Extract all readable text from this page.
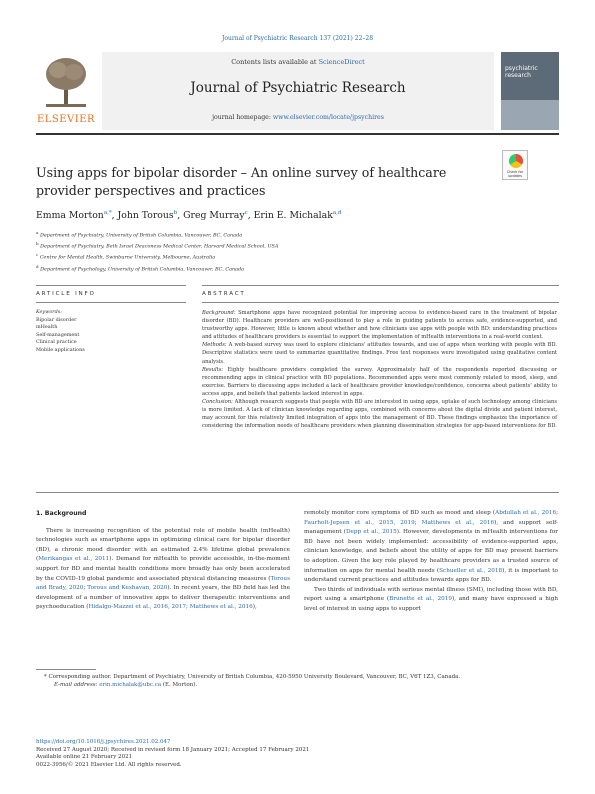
Journal of Psychiatric Research 137 (2021) 22–28
ELSEVIER
Contents lists available at ScienceDirect
Journal of Psychiatric Research
journal homepage: www.elsevier.com/locate/jpsychires
psychiatric research
Using apps for bipolar disorder – An online survey of healthcare provider perspectives and practices
Check for updates
Emma Morton$^{a,*}$, John Torous$^b$, Greg Murray$^c$, Erin E. Michalak$^{a,d}$
$^a$ Department of Psychiatry, University of British Columbia, Vancouver, BC, Canada
$^b$ Department of Psychiatry, Beth Israel Deaconess Medical Center, Harvard Medical School, USA
$^c$ Centre for Mental Health, Swinburne University, Melbourne, Australia
$^d$ Department of Psychology, University of British Columbia, Vancouver, BC, Canada
ARTICLE INFO	ABSTRACT
Keywords:
Bipolar disorder
mHealth
Self-management
Clinical practice
Mobile applications

Background: Smartphone apps have recognized potential for improving access to evidence-based care in the treatment of bipolar disorder (BD). Healthcare providers are well-positioned to play a role in guiding patients to access safe, evidence-supported, and trustworthy apps. However, little is known about whether and how clinicians use apps with people with BD: understanding practices and attitudes of healthcare providers is essential to support the implementation of mHealth interventions in a real-world context.

Methods: A web-based survey was used to explore clinicians' attitudes towards, and use of apps when working with people with BD. Descriptive statistics were used to summarize quantitative findings. Free text responses were investigated using qualitative content analysis.

Results: Eighty healthcare providers completed the survey. Approximately half of the respondents reported discussing or recommending apps in clinical practice with BD populations. Recommended apps were most commonly related to mood, sleep, and exercise. Barriers to discussing apps included a lack of healthcare provider knowledge/confidence, concerns about patients' ability to access apps, and beliefs that patients lacked interest in apps.

Conclusion: Although research suggests that people with BD are interested in using apps, uptake of such technology among clinicians is more limited. A lack of clinician knowledge regarding apps, combined with concerns about the digital divide and patient interest, may account for this relatively limited integration of apps into the management of BD. These findings emphasize the importance of considering the information needs of healthcare providers when planning dissemination strategies for app-based interventions for BD.

1. Background

There is increasing recognition of the potential role of mobile health (mHealth) technologies such as smartphone apps in optimizing clinical care for bipolar disorder (BD), a chronic mood disorder with an estimated 2.4% lifetime global prevalence (Merikangas et al., 2011). Demand for mHealth to provide accessible, in-the-moment support for BD and mental health conditions more broadly has only been accelerated by the COVID-19 global pandemic and associated physical distancing measures (Torous and Brady, 2020; Torous and Keshavan, 2020). In recent years, the BD field has led the development of a number of innovative apps to deliver therapeutic interventions and psychoeducation (Hidalgo-Mazzei et al., 2016, 2017; Matthews et al., 2016),

remotely monitor core symptoms of BD such as mood and sleep (Abdullah et al., 2016; Faurholt-Jepsen et al., 2015, 2019; Matthews et al., 2016), and support self-management (Depp et al., 2015). However, developments in mHealth interventions for BD have not been widely implemented: accessibility of evidence-supported apps, clinician knowledge, and beliefs about the utility of apps for BD may present barriers to adoption. Given the key role played by healthcare providers as a trusted source of information on apps for mental health needs (Schueller et al., 2018), it is important to understand current practices and attitudes towards apps for BD.

Two thirds of individuals with serious mental illness (SMI), including those with BD, report using a smartphone (Brunette et al., 2019), and many have expressed a high level of interest in using apps to support

* Corresponding author. Department of Psychiatry, University of British Columbia, 420-5950 University Boulevard, Vancouver, BC, V6T 1Z3, Canada.
E-mail address: erin.michalak@ubc.ca (E. Morton).
https://doi.org/10.1016/j.jpsychires.2021.02.047
Received 27 August 2020; Received in revised form 18 January 2021; Accepted 17 February 2021
Available online 21 February 2021
0022-3956/© 2021 Elsevier Ltd. All rights reserved.
